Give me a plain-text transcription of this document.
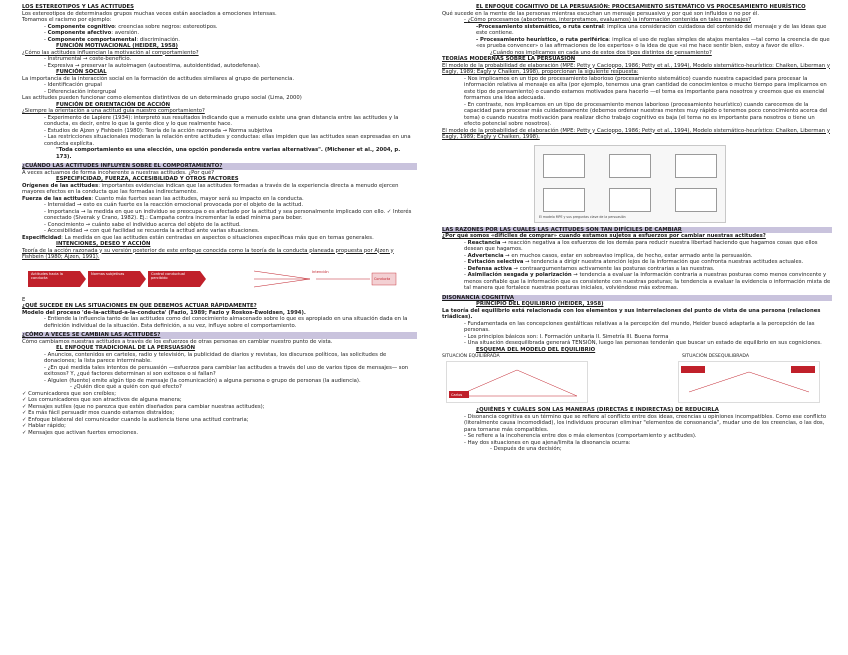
LOS ESTEREOTIPOS Y LAS ACTITUDES

Los estereotipos de determinados grupos muchas veces están asociados a emociones intensas.

Tomamos el racismo por ejemplo:

- Componente cognitivo: creencias sobre negros: estereotipos.

- Componente afectivo: aversión.

- Componente comportamental: discriminación.

FUNCIÓN MOTIVACIONAL (HEIDER, 1958)

¿Cómo las actitudes influencian la motivación al comportamiento?

- Instrumental → coste-beneficio.

- Expresiva → preservar la autoimagen (autoestima, autoidentidad, autodefensa).

FUNCIÓN SOCIAL

La importancia de la interacción social en la formación de actitudes similares al grupo de pertenencia.

- Identificación grupal

- Diferenciación intergrupal

Las actitudes pueden funcionar como elementos distintivos de un determinado grupo social (Lima, 2000)

FUNCIÓN DE ORIENTACIÓN DE ACCIÓN

¿Siempre la orientación a una actitud guía nuestro comportamiento?

- Experimento de Lapiere (1934): interpretó sus resultados indicando que a menudo existe una gran distancia entre las actitudes y la conducta, es decir, entre lo que la gente dice y lo que realmente hace.

- Estudios de Ajzen y Fishbein (1980): Teoría de la acción razonada → Norma subjetiva

- Las restricciones situacionales moderan la relación entre actitudes y conductas: ellas impiden que las actitudes sean expresadas en una conducta explícita.

"Toda comportamiento es una elección, una opción ponderada entre varias alternativas". (Michener et al., 2004, p. 173).

¿CUÁNDO LAS ACTITUDES INFLUYEN SOBRE EL COMPORTAMIENTO?

A veces actuamos de forma incoherente a nuestras actitudes. ¿Por qué?

ESPECIFICIDAD, FUERZA, ACCESIBILIDAD Y OTROS FACTORES

Orígenes de las actitudes: importantes evidencias indican que las actitudes formadas a través de la experiencia directa a menudo ejercen mayores efectos en la conducta que las formadas indirectamente.

Fuerza de las actitudes: Cuanto más fuertes sean las actitudes, mayor será su impacto en la conducta.

- Intensidad → esto es cuán fuerte es la reacción emocional provocada por el objeto de la actitud.

- Importancia → la medida en que un individuo se preocupa o es afectado por la actitud y sea personalmente implicado con ello. ✓ Interés conectado (Siverak y Crano, 1982). Ej.: Campaña contra incrementar la edad mínima para beber.

- Conocimiento → cuánto sabe el individuo acerca del objeto de la actitud.

- Accesibilidad → con qué facilidad se recuerda la actitud ante varias situaciones.

Especificidad: La medida en que las actitudes están centradas en aspectos o situaciones específicas más que en temas generales.

INTENCIONES, DESEO Y ACCIÓN

Teoría de la acción razonada y su versión posterior de este enfoque conocida como la teoría de la conducta planeada propuesta por Ajzen y Fishbein (1980; Ajzen, 1991).

Actitudes hacia la conducta
Normas subjetivas	Control conductual percibido
Intención
Conducta

E

¿QUÉ SUCEDE EN LAS SITUACIONES EN QUE DEBEMOS ACTUAR RÁPIDAMENTE?

Modelo del proceso 'de-la-actitud-a-la-conducta' (Fazio, 1989; Fazio y Roskos-Ewoldsen, 1994).

- Entiende la influencia tanto de las actitudes como del conocimiento almacenado sobre lo que es apropiado en una situación dada en la definición individual de la situación. Esta definición, a su vez, influye sobre el comportamiento.

¿CÓMO A VECES SE CAMBIAN LAS ACTITUDES?

Cómo cambiamos nuestras actitudes a través de los esfuerzos de otras personas en cambiar nuestro punto de vista.

EL ENFOQUE TRADICIONAL DE LA PERSUASIÓN

- Anuncios, contenidos en carteles, radio y televisión, la publicidad de diarios y revistas, los discursos políticos, las solicitudes de donaciones; la lista parece interminable.

- ¿En qué medida tales intentos de persuasión —esfuerzos para cambiar las actitudes a través del uso de varios tipos de mensajes— son exitosos? Y, ¿qué factores determinan si son exitosos o si fallan?

- Alguien (fuente) emite algún tipo de mensaje (la comunicación) a alguna persona o grupo de personas (la audiencia).

- ¿Quién dice qué a quién con qué efecto?

✓ Comunicadores que son creíbles;

✓ Los comunicadores que son atractivos de alguna manera;

✓ Mensajes sutiles (que no parezca que estén diseñados para cambiar nuestras actitudes);

✓ Es más fácil persuadir mos cuando estamos distraídos;

✓ Enfoque bilateral del comunicador cuando la audiencia tiene una actitud contraria;

✓ Hablar rápido;

✓ Mensajes que activan fuertes emociones.

EL ENFOQUE COGNITIVO DE LA PERSUASIÓN: PROCESAMIENTO SISTEMÁTICO VS PROCESAMIENTO HEURÍSTICO

Qué sucede en la mente de las personas mientras escuchan un mensaje persuasivo y por qué son influidos o no por él.

- ¿Cómo procesamos (absorbemos, interpretamos, evaluamos) la información contenida en tales mensajes?

-Procesamiento sistemático, o ruta central: implica una consideración cuidadosa del contenido del mensaje y de las ideas que este contiene.

- Procesamiento heurístico, o ruta periférica: implica el uso de reglas simples de atajos mentales —tal como la creencia de que «es prueba convencer» o las afirmaciones de los expertos» o la idea de que «si me hace sentir bien, estoy a favor de ello».

¿Cuándo nos implicamos en cada uno de estos dos tipos distintos de pensamiento?

TEORÍAS MODERNAS SOBRE LA PERSUASIÓN

El modelo de la probabilidad de elaboración (MPE: Petty y Cacioppo, 1986; Petty et al., 1994), Modelo sistemático-heurístico: Chaiken, Liberman y Eagly, 1989; Eagly y Chaiken, 1998), proporcionan la siguiente respuesta:

- Nos implicamos en un tipo de procesamiento laborioso (procesamiento sistemático) cuando nuestra capacidad para procesar la información relativa al mensaje es alta (por ejemplo, tenemos una gran cantidad de conocimientos o mucho tiempo para implicarnos en este tipo de pensamiento) o cuando estamos motivados para hacerlo —el tema es importante para nosotros y creemos que es esencial formarnos una idea adecuada.

- En contraste, nos implicamos en un tipo de procesamiento menos laborioso (procesamiento heurístico) cuando carecemos de la capacidad para procesar más cuidadosamente (debemos ordenar nuestras mentes muy rápido o tenemos poco conocimiento acerca del tema) o cuando nuestra motivación para realizar dicho trabajo cognitivo es baja (el tema no es importante para nosotros o tiene un efecto potencial sobre nosotros).

El modelo de la probabilidad de elaboración (MPE: Petty y Cacioppo, 1986; Petty et al., 1994), Modelo sistemático-heurístico: Chaiken, Liberman y Eagly, 1989; Eagly y Chaiken, 1998).

El modelo MPE y sus preguntas clave de la persuasión

LAS RAZONES POR LAS CUALES LAS ACTITUDES SON TAN DIFÍCILES DE CAMBIAR

¿Por qué somos «difíciles de comprar» cuando estamos sujetos a esfuerzos por cambiar nuestras actitudes?

- Reactancia → reacción negativa a los esfuerzos de los demás para reducir nuestra libertad haciendo que hagamos cosas que ellos desean que hagamos.

- Advertencia → en muchos casos, estar en sobreaviso implica, de hecho, estar armado ante la persuasión.

- Evitación selectiva → tendencia a dirigir nuestra atención lejos de la información que confronta nuestras actitudes actuales.

- Defensa activa → contraargumentamos activamente las posturas contrarias a las nuestras.

- Asimilación sesgada y polarización → tendencia a evaluar la información contraria a nuestras posturas como menos convincente y menos confiable que la información que es consistente con nuestras posturas; la tendencia a evaluar la evidencia o información mixta de tal manera que fortalece nuestras posturas iniciales, volviéndose más extremas.

DISONANCIA COGNITIVA

PRINCIPIO DEL EQUILIBRIO (HEIDER, 1958)

La teoría del equilibrio está relacionada con los elementos y sus interrelaciones del punto de vista de una persona (relaciones triádicas).

- Fundamentada en las concepciones gestálticas relativas a la percepción del mundo, Heider buscó adaptarla a la percepción de las personas.

- Los principios básicos son: I. Formación unitaria II. Simetría III. Buena forma

- Una situación desequilibrada generará TENSIÓN, luego las personas tenderán que buscar un estado de equilibrio en sus cogniciones.

ESQUEMA DEL MODELO DEL EQUILIBRIO

SITUACIÓN EQUILIBRADA	SITUACIÓN DESEQUILIBRADA
Carlos

¿QUIÉNES Y CUÁLES SON LAS MANERAS (DIRECTAS E INDIRECTAS) DE REDUCIRLA

- Disonancia cognitiva es un término que se refiere al conflicto entre dos ideas, creencias u opiniones incompatibles. Como ese conflicto (literalmente causa incomodidad), los individuos procuran eliminar "elementos de consonancia", mudar uno de los creencias, o las dos, para tornarse más compatibles.

- Se refiere a la incoherencia entre dos o más elementos (comportamiento y actitudes).

- Hay dos situaciones en que ajena/limita la disonancia ocurra:

- Después de una decisión;
